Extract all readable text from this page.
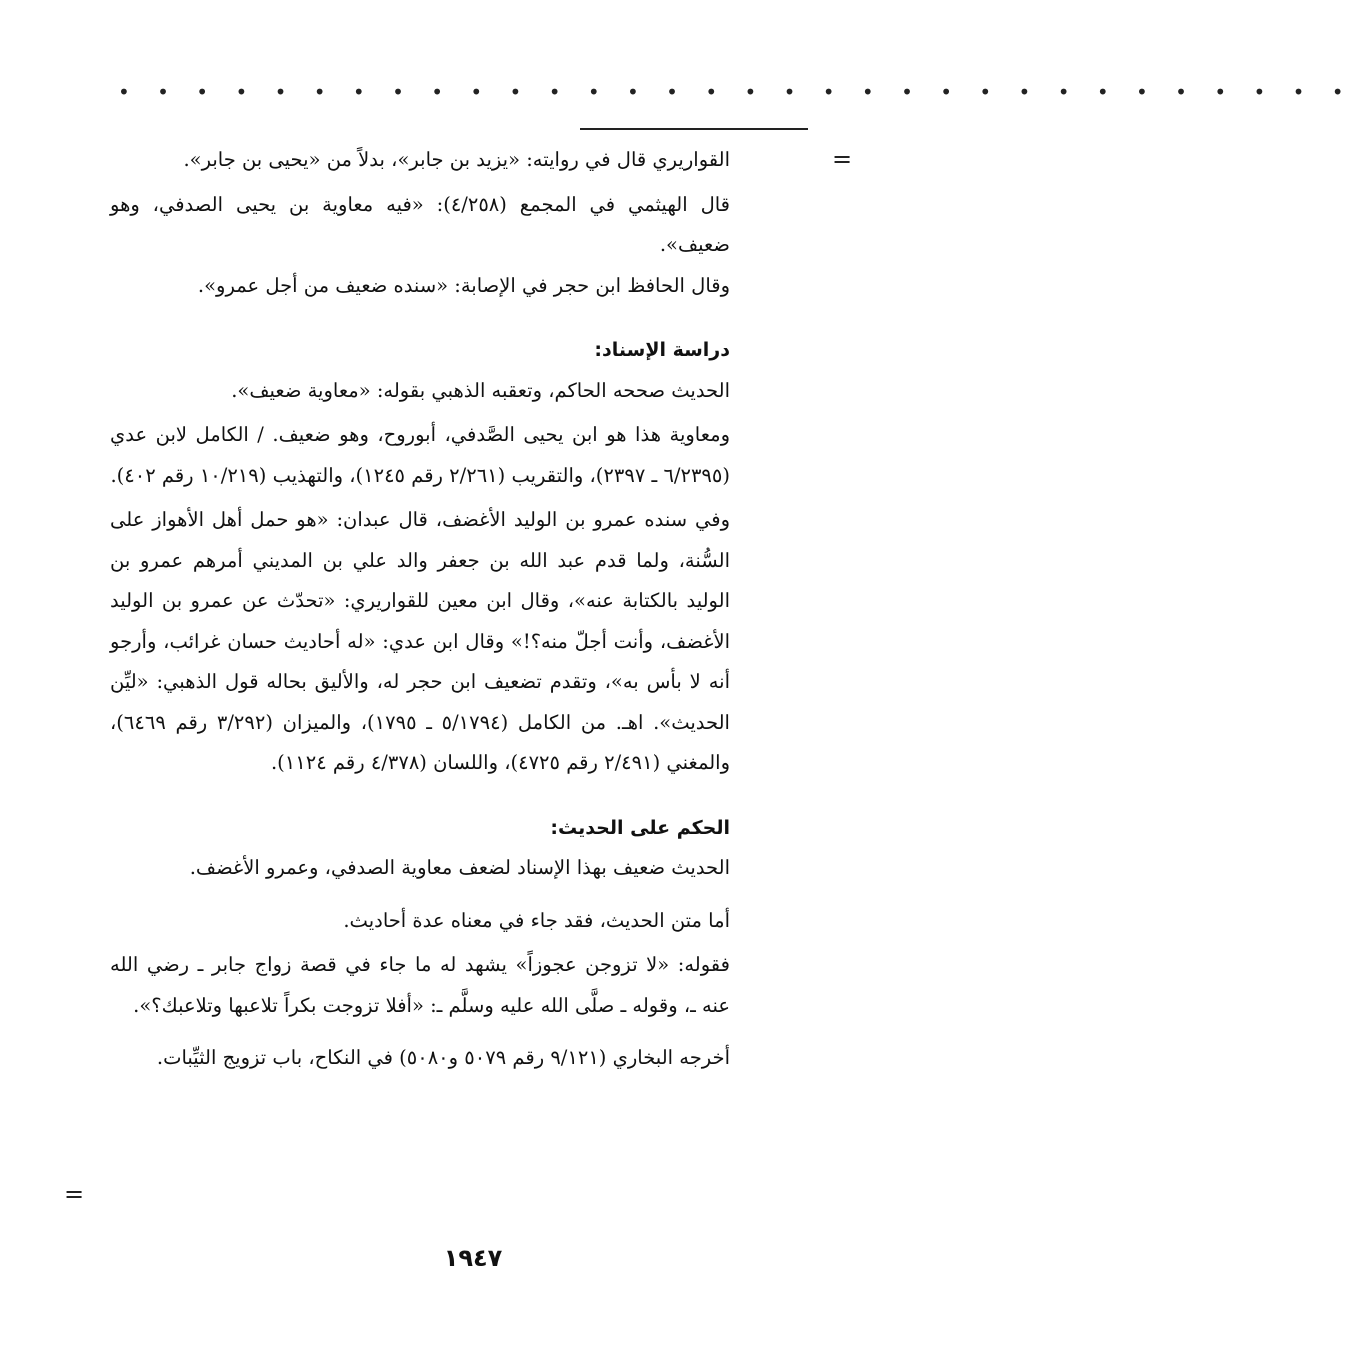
• • • • • • • • • • • • • • • • • • • • • • • • • • • • • • • •
=
=

القواريري قال في روايته: «يزيد بن جابر»، بدلاً من «يحيى بن جابر».

قال الهيثمي في المجمع (٤/٢٥٨): «فيه معاوية بن يحيى الصدفي، وهو ضعيف».

وقال الحافظ ابن حجر في الإصابة: «سنده ضعيف من أجل عمرو».

دراسة الإسناد:

الحديث صححه الحاكم، وتعقبه الذهبي بقوله: «معاوية ضعيف».

ومعاوية هذا هو ابن يحيى الصَّدفي، أبوروح، وهو ضعيف. / الكامل لابن عدي (٦/٢٣٩٥ ـ ٢٣٩٧)، والتقريب (٢/٢٦١ رقم ١٢٤٥)، والتهذيب (١٠/٢١٩ رقم ٤٠٢).

وفي سنده عمرو بن الوليد الأغضف، قال عبدان: «هو حمل أهل الأهواز على السُّنة، ولما قدم عبد الله بن جعفر والد علي بن المديني أمرهم عمرو بن الوليد بالكتابة عنه»، وقال ابن معين للقواريري: «تحدّث عن عمرو بن الوليد الأغضف، وأنت أجلّ منه؟!» وقال ابن عدي: «له أحاديث حسان غرائب، وأرجو أنه لا بأس به»، وتقدم تضعيف ابن حجر له، والأليق بحاله قول الذهبي: «ليِّن الحديث». اهـ. من الكامل (٥/١٧٩٤ ـ ١٧٩٥)، والميزان (٣/٢٩٢ رقم ٦٤٦٩)، والمغني (٢/٤٩١ رقم ٤٧٢٥)، واللسان (٤/٣٧٨ رقم ١١٢٤).

الحكم على الحديث:

الحديث ضعيف بهذا الإسناد لضعف معاوية الصدفي، وعمرو الأغضف.

أما متن الحديث، فقد جاء في معناه عدة أحاديث.

فقوله: «لا تزوجن عجوزاً» يشهد له ما جاء في قصة زواج جابر ـ رضي الله عنه ـ، وقوله ـ صلَّى الله عليه وسلَّم ـ: «أفلا تزوجت بكراً تلاعبها وتلاعبك؟».

أخرجه البخاري (٩/١٢١ رقم ٥٠٧٩ و٥٠٨٠) في النكاح، باب تزويج الثيِّبات.

١٩٤٧
